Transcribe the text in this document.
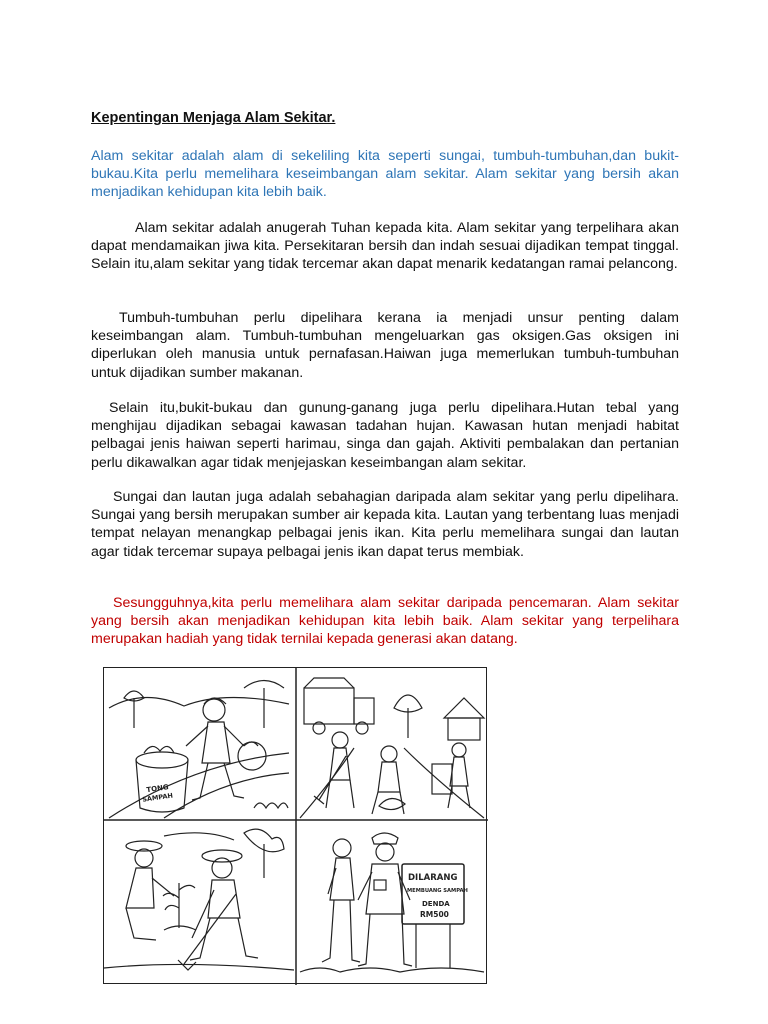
Kepentingan Menjaga Alam Sekitar.

Alam sekitar adalah alam di sekeliling kita seperti sungai, tumbuh-tumbuhan,dan bukit-bukau.Kita perlu memelihara keseimbangan alam sekitar. Alam sekitar yang bersih akan menjadikan kehidupan kita lebih baik.

Alam sekitar adalah anugerah Tuhan kepada kita. Alam sekitar yang terpelihara akan dapat mendamaikan jiwa kita. Persekitaran bersih dan indah sesuai dijadikan tempat tinggal. Selain itu,alam sekitar yang tidak tercemar akan dapat menarik kedatangan ramai pelancong.

Tumbuh-tumbuhan perlu dipelihara kerana ia menjadi unsur penting dalam keseimbangan alam. Tumbuh-tumbuhan mengeluarkan gas oksigen.Gas oksigen ini diperlukan oleh manusia untuk pernafasan.Haiwan juga memerlukan tumbuh-tumbuhan untuk dijadikan sumber makanan.

Selain itu,bukit-bukau dan gunung-ganang juga perlu dipelihara.Hutan tebal yang menghijau dijadikan sebagai kawasan tadahan hujan. Kawasan hutan menjadi habitat pelbagai jenis haiwan seperti harimau, singa dan gajah. Aktiviti pembalakan dan pertanian perlu dikawalkan agar tidak menjejaskan keseimbangan alam sekitar.

Sungai dan lautan juga adalah sebahagian daripada alam sekitar yang perlu dipelihara. Sungai yang bersih merupakan sumber air kepada kita. Lautan yang terbentang luas menjadi tempat nelayan menangkap pelbagai jenis ikan. Kita perlu memelihara sungai dan lautan agar tidak tercemar supaya pelbagai jenis ikan dapat terus membiak.

Sesungguhnya,kita perlu memelihara alam sekitar daripada pencemaran. Alam sekitar yang bersih akan menjadikan kehidupan kita lebih baik. Alam sekitar yang terpelihara merupakan hadiah yang tidak ternilai kepada generasi akan datang.

TONG
SAMPAH
DILARANG
MEMBUANG SAMPAH
DENDA
RM500
